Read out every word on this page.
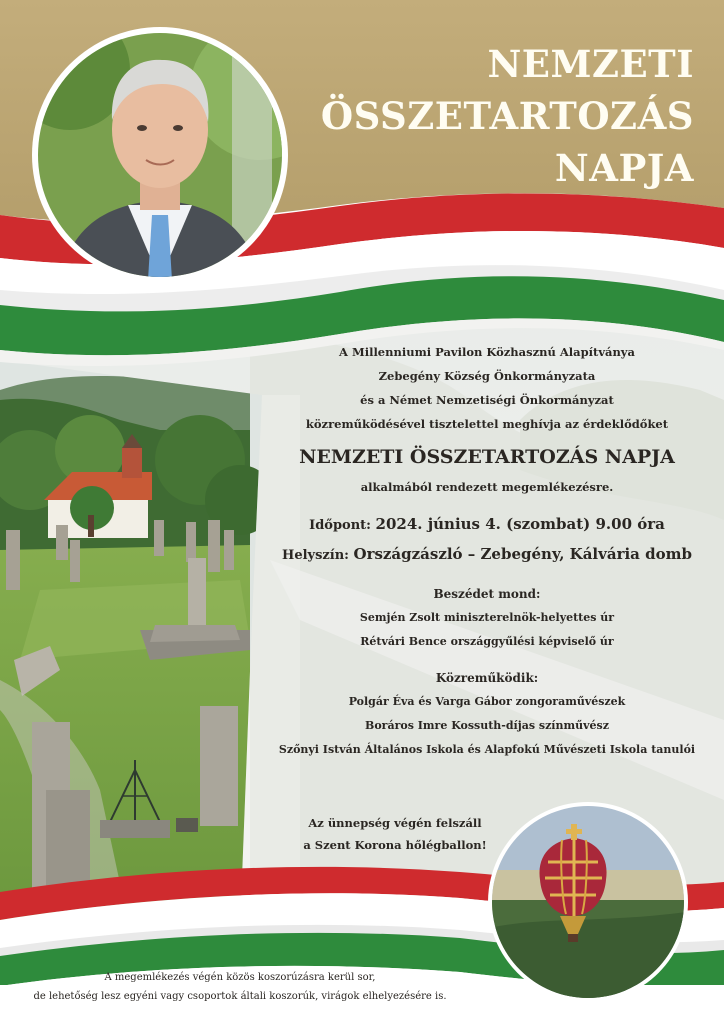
NEMZETI
ÖSSZETARTOZÁS
NAPJA
A Millenniumi Pavilon Közhasznú Alapítványa
Zebegény Község Önkormányzata
és a Német Nemzetiségi Önkormányzat
közreműködésével tisztelettel meghívja az érdeklődőket
NEMZETI ÖSSZETARTOZÁS NAPJA
alkalmából rendezett megemlékezésre.
Időpont: 2024. június 4. (szombat) 9.00 óra
Helyszín: Országzászló – Zebegény, Kálvária domb
Beszédet mond:
Semjén Zsolt miniszterelnök-helyettes úr
Rétvári Bence országgyűlési képviselő úr
Közreműködik:
Polgár Éva és Varga Gábor zongoraművészek
Boráros Imre Kossuth-díjas színművész
Szőnyi István Általános Iskola és Alapfokú Művészeti Iskola tanulói
Az ünnepség végén felszáll
a Szent Korona hőlégballon!
A megemlékezés végén közös koszorúzásra kerül sor,
de lehetőség lesz egyéni vagy csoportok általi koszorúk, virágok elhelyezésére is.
